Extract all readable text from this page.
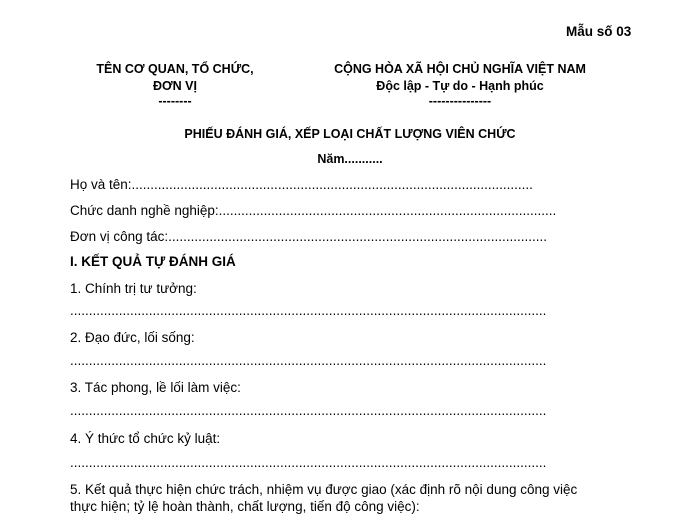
Mẫu số 03
TÊN CƠ QUAN, TỔ CHỨC,
ĐƠN VỊ
--------
CỘNG HÒA XÃ HỘI CHỦ NGHĨA VIỆT NAM
Độc lập - Tự do - Hạnh phúc
---------------
PHIẾU ĐÁNH GIÁ, XẾP LOẠI CHẤT LƯỢNG VIÊN CHỨC
Năm...........
Họ và tên:...........................................................................................................
Chức danh nghề nghiệp:..........................................................................................
Đơn vị công tác:.....................................................................................................
I. KẾT QUẢ TỰ ĐÁNH GIÁ
1. Chính trị tư tưởng:
...............................................................................................................................
2. Đạo đức, lối sống:
...............................................................................................................................
3. Tác phong, lề lối làm việc:
...............................................................................................................................
4. Ý thức tổ chức kỷ luật:
...............................................................................................................................
5. Kết quả thực hiện chức trách, nhiệm vụ được giao (xác định rõ nội dung công việc
thực hiện; tỷ lệ hoàn thành, chất lượng, tiến độ công việc):
